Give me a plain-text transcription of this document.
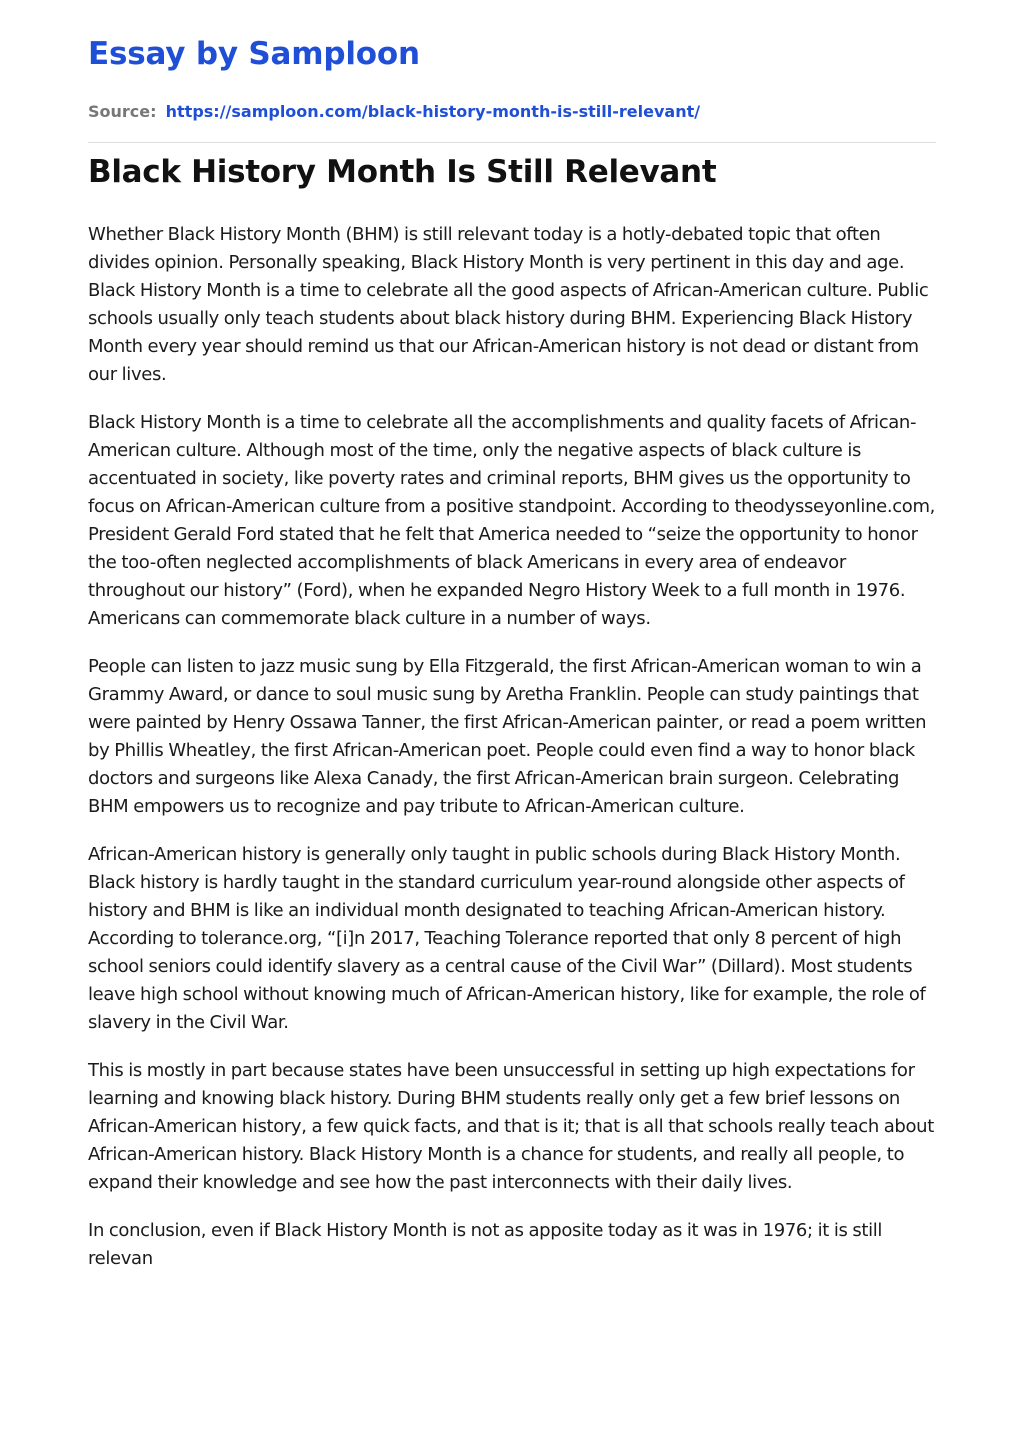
Essay by Samploon
Source: https://samploon.com/black-history-month-is-still-relevant/
Black History Month Is Still Relevant

Whether Black History Month (BHM) is still relevant today is a hotly-debated topic that often divides opinion. Personally speaking, Black History Month is very pertinent in this day and age. Black History Month is a time to celebrate all the good aspects of African-American culture. Public schools usually only teach students about black history during BHM. Experiencing Black History Month every year should remind us that our African-American history is not dead or distant from our lives.

Black History Month is a time to celebrate all the accomplishments and quality facets of African-American culture. Although most of the time, only the negative aspects of black culture is accentuated in society, like poverty rates and criminal reports, BHM gives us the opportunity to focus on African-American culture from a positive standpoint. According to theodysseyonline.com, President Gerald Ford stated that he felt that America needed to “seize the opportunity to honor the too-often neglected accomplishments of black Americans in every area of endeavor throughout our history” (Ford), when he expanded Negro History Week to a full month in 1976. Americans can commemorate black culture in a number of ways.

People can listen to jazz music sung by Ella Fitzgerald, the first African-American woman to win a Grammy Award, or dance to soul music sung by Aretha Franklin. People can study paintings that were painted by Henry Ossawa Tanner, the first African-American painter, or read a poem written by Phillis Wheatley, the first African-American poet. People could even find a way to honor black doctors and surgeons like Alexa Canady, the first African-American brain surgeon. Celebrating BHM empowers us to recognize and pay tribute to African-American culture.

African-American history is generally only taught in public schools during Black History Month. Black history is hardly taught in the standard curriculum year-round alongside other aspects of history and BHM is like an individual month designated to teaching African-American history. According to tolerance.org, “[i]n 2017, Teaching Tolerance reported that only 8 percent of high school seniors could identify slavery as a central cause of the Civil War” (Dillard). Most students leave high school without knowing much of African-American history, like for example, the role of slavery in the Civil War.

This is mostly in part because states have been unsuccessful in setting up high expectations for learning and knowing black history. During BHM students really only get a few brief lessons on African-American history, a few quick facts, and that is it; that is all that schools really teach about African-American history. Black History Month is a chance for students, and really all people, to expand their knowledge and see how the past interconnects with their daily lives.

In conclusion, even if Black History Month is not as apposite today as it was in 1976; it is still relevan
